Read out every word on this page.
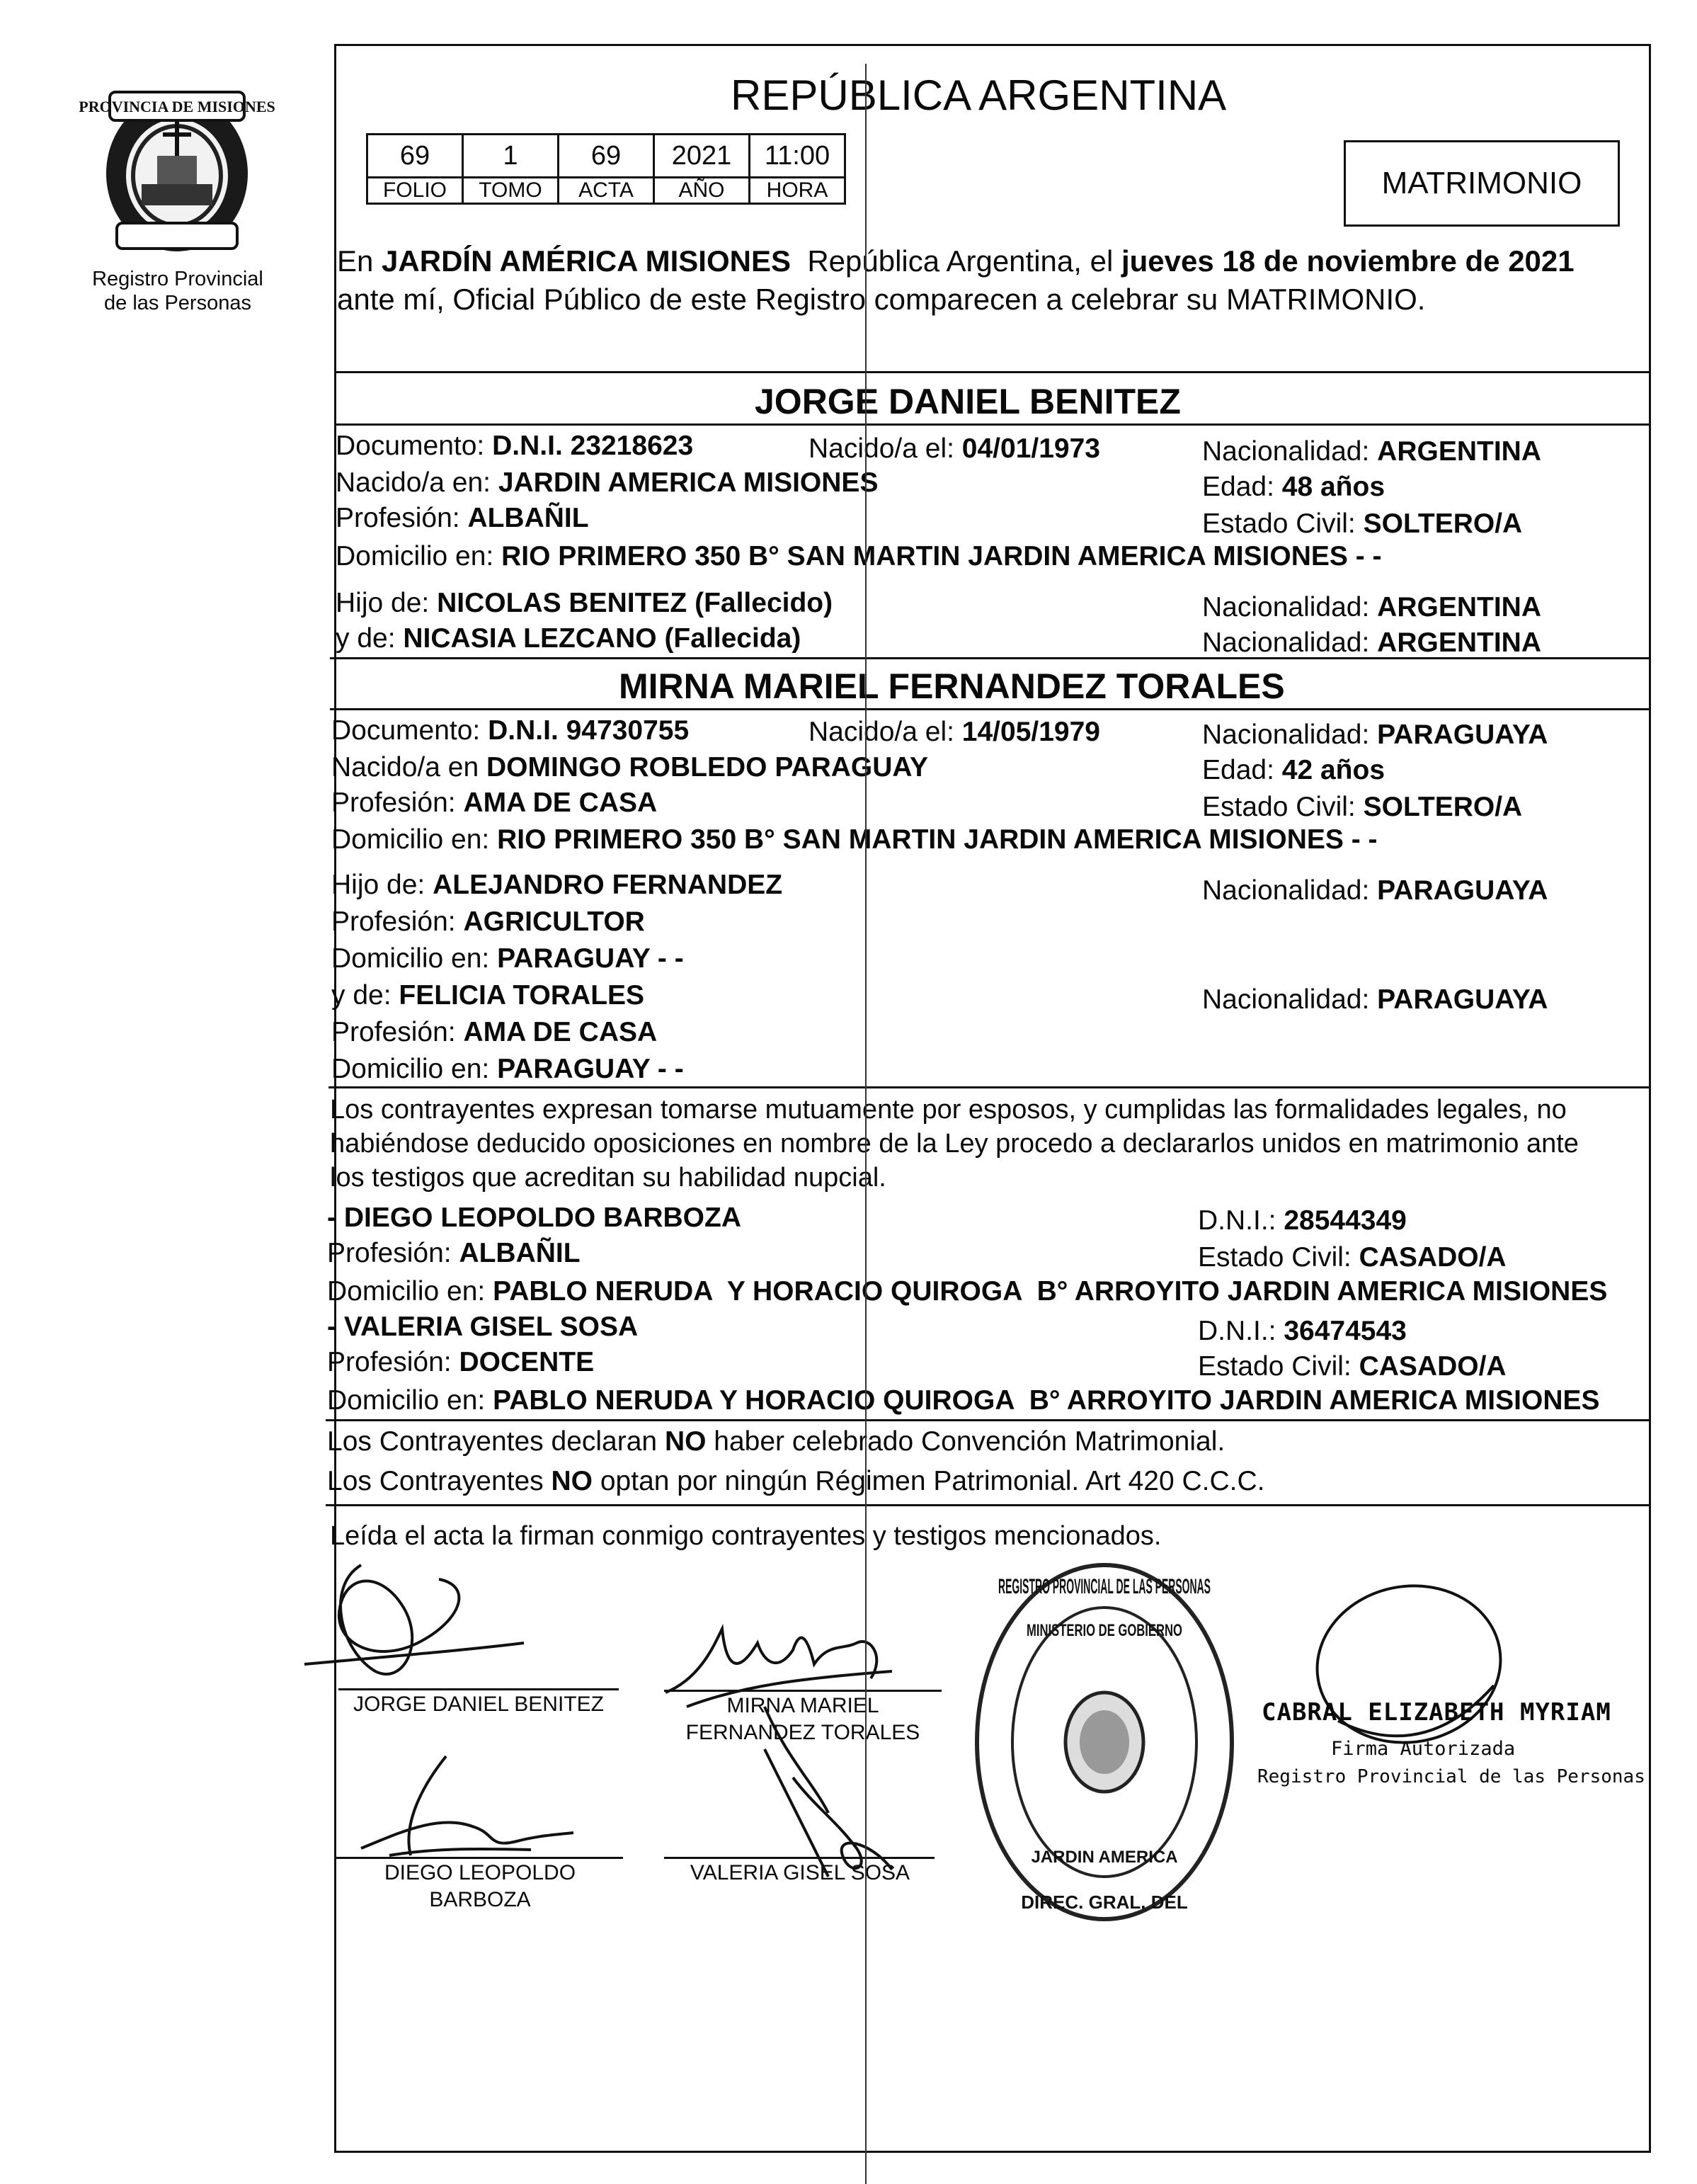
PROVINCIA DE MISIONES
Registro Provincial
de las Personas
REPÚBLICA ARGENTINA
69	1	69	2021	11:00
FOLIO	TOMO	ACTA	AÑO	HORA	MATRIMONIO
En JARDÍN AMÉRICA MISIONES  República Argentina, el jueves 18 de noviembre de 2021
ante mí, Oficial Público de este Registro comparecen a celebrar su MATRIMONIO.
JORGE DANIEL BENITEZ
Documento: D.N.I. 23218623	Nacido/a el: 04/01/1973	Nacionalidad: ARGENTINA
Nacido/a en: JARDIN AMERICA MISIONES	Edad: 48 años
Profesión: ALBAÑIL	Estado Civil: SOLTERO/A
Domicilio en: RIO PRIMERO 350 B° SAN MARTIN JARDIN AMERICA MISIONES - -
Hijo de: NICOLAS BENITEZ (Fallecido)	Nacionalidad: ARGENTINA
y de: NICASIA LEZCANO (Fallecida)	Nacionalidad: ARGENTINA
MIRNA MARIEL FERNANDEZ TORALES
Documento: D.N.I. 94730755	Nacido/a el: 14/05/1979	Nacionalidad: PARAGUAYA
Nacido/a en DOMINGO ROBLEDO PARAGUAY	Edad: 42 años
Profesión: AMA DE CASA	Estado Civil: SOLTERO/A
Domicilio en: RIO PRIMERO 350 B° SAN MARTIN JARDIN AMERICA MISIONES - -
Hijo de: ALEJANDRO FERNANDEZ	Nacionalidad: PARAGUAYA
Profesión: AGRICULTOR
Domicilio en: PARAGUAY - -
y de: FELICIA TORALES	Nacionalidad: PARAGUAYA
Profesión: AMA DE CASA
Domicilio en: PARAGUAY - -
Los contrayentes expresan tomarse mutuamente por esposos, y cumplidas las formalidades legales, no
habiéndose deducido oposiciones en nombre de la Ley procedo a declararlos unidos en matrimonio ante
los testigos que acreditan su habilidad nupcial.
- DIEGO LEOPOLDO BARBOZA	D.N.I.: 28544349
Profesión: ALBAÑIL	Estado Civil: CASADO/A
Domicilio en: PABLO NERUDA  Y HORACIO QUIROGA  B° ARROYITO JARDIN AMERICA MISIONES
- VALERIA GISEL SOSA	D.N.I.: 36474543
Profesión: DOCENTE	Estado Civil: CASADO/A
Domicilio en: PABLO NERUDA Y HORACIO QUIROGA  B° ARROYITO JARDIN AMERICA MISIONES
Los Contrayentes declaran NO haber celebrado Convención Matrimonial.
Los Contrayentes NO optan por ningún Régimen Patrimonial. Art 420 C.C.C.
Leída el acta la firman conmigo contrayentes y testigos mencionados.
JORGE DANIEL BENITEZ	MIRNA MARIEL
FERNANDEZ TORALES
DIEGO LEOPOLDO
BARBOZA
VALERIA GISEL SOSA
REGISTRO PROVINCIAL DE LAS PERSONAS
MINISTERIO DE GOBIERNO
JARDIN AMERICA
DIREC. GRAL. DEL
CABRAL ELIZABETH MYRIAM
Firma Autorizada
Registro Provincial de las Personas
